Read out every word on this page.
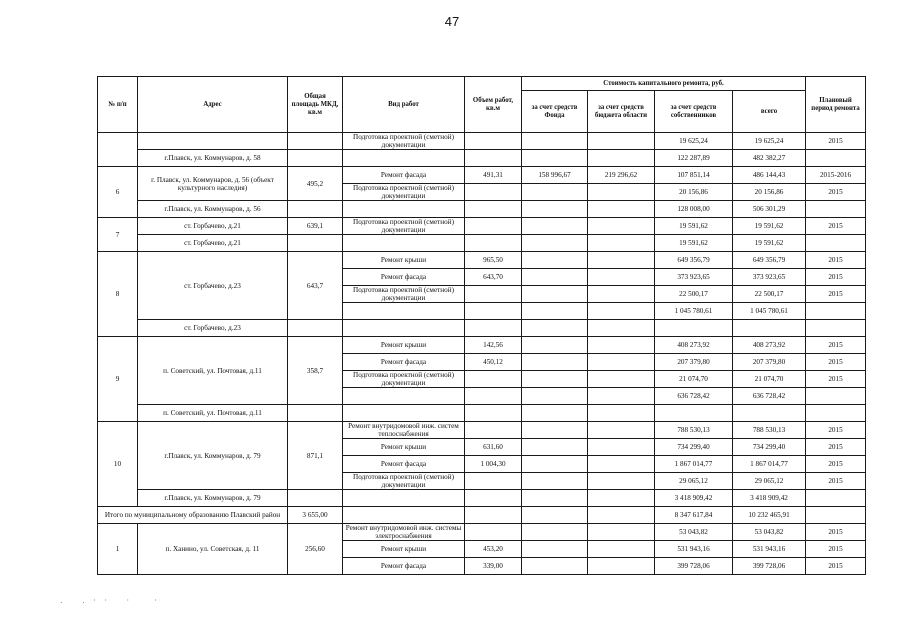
47
№ п/п	Адрес	Общая площадь МКД, кв.м	Вид работ	Объем работ, кв.м	Стоимость капитального ремонта, руб.				Плановый период ремонта
					за счет средств Фонда	за счет средств бюджета области	за счет средств собственников	всего	
			Подготовка проектной (сметной) документации				19 625,24	19 625,24	2015
	г.Плавск, ул. Коммунаров, д. 58						122 287,89	482 382,27	
6	г. Плавск, ул. Коммунаров, д. 56 (объект культурного наследия)	495,2	Ремонт фасада	491,31	158 996,67	219 296,62	107 851,14	486 144,43	2015-2016
			Подготовка проектной (сметной) документации				20 156,86	20 156,86	2015
	г.Плавск, ул. Коммунаров, д. 56						128 008,00	506 301,29	
7	ст. Горбачево, д.21	639,1	Подготовка проектной (сметной) документации				19 591,62	19 591,62	2015
	ст. Горбачево, д.21						19 591,62	19 591,62	
8	ст. Горбачево, д.23	643,7	Ремонт крыши	965,50			649 356,79	649 356,79	2015
			Ремонт фасада	643,70			373 923,65	373 923,65	2015
			Подготовка проектной (сметной) документации				22 500,17	22 500,17	2015
							1 045 780,61	1 045 780,61	
	ст. Горбачево, д.23								
9	п. Советский, ул. Почтовая, д.11	358,7	Ремонт крыши	142,56			408 273,92	408 273,92	2015
			Ремонт фасада	450,12			207 379,80	207 379,80	2015
			Подготовка проектной (сметной) документации				21 074,70	21 074,70	2015
							636 728,42	636 728,42	
	п. Советский, ул. Почтовая, д.11								
10	г.Плавск, ул. Коммунаров, д. 79	871,1	Ремонт внутридомовой инж. систем теплоснабжения				788 530,13	788 530,13	2015
			Ремонт крыши	631,60			734 299,40	734 299,40	2015
			Ремонт фасада	1 004,30			1 867 014,77	1 867 014,77	2015
			Подготовка проектной (сметной) документации				29 065,12	29 065,12	2015
	г.Плавск, ул. Коммунаров, д. 79						3 418 909,42	3 418 909,42	
Итого по муниципальному образованию Плавский район		3 655,00					8 347 617,84	10 232 465,91	
1	п. Ханино, ул. Советская, д. 11	256,60	Ремонт внутридомовой инж. системы электроснабжения				53 043,82	53 043,82	2015
			Ремонт крыши	453,20			531 943,16	531 943,16	2015
			Ремонт фасада	339,00			399 728,06	399 728,06	2015
.   . · ·   ·    ·
